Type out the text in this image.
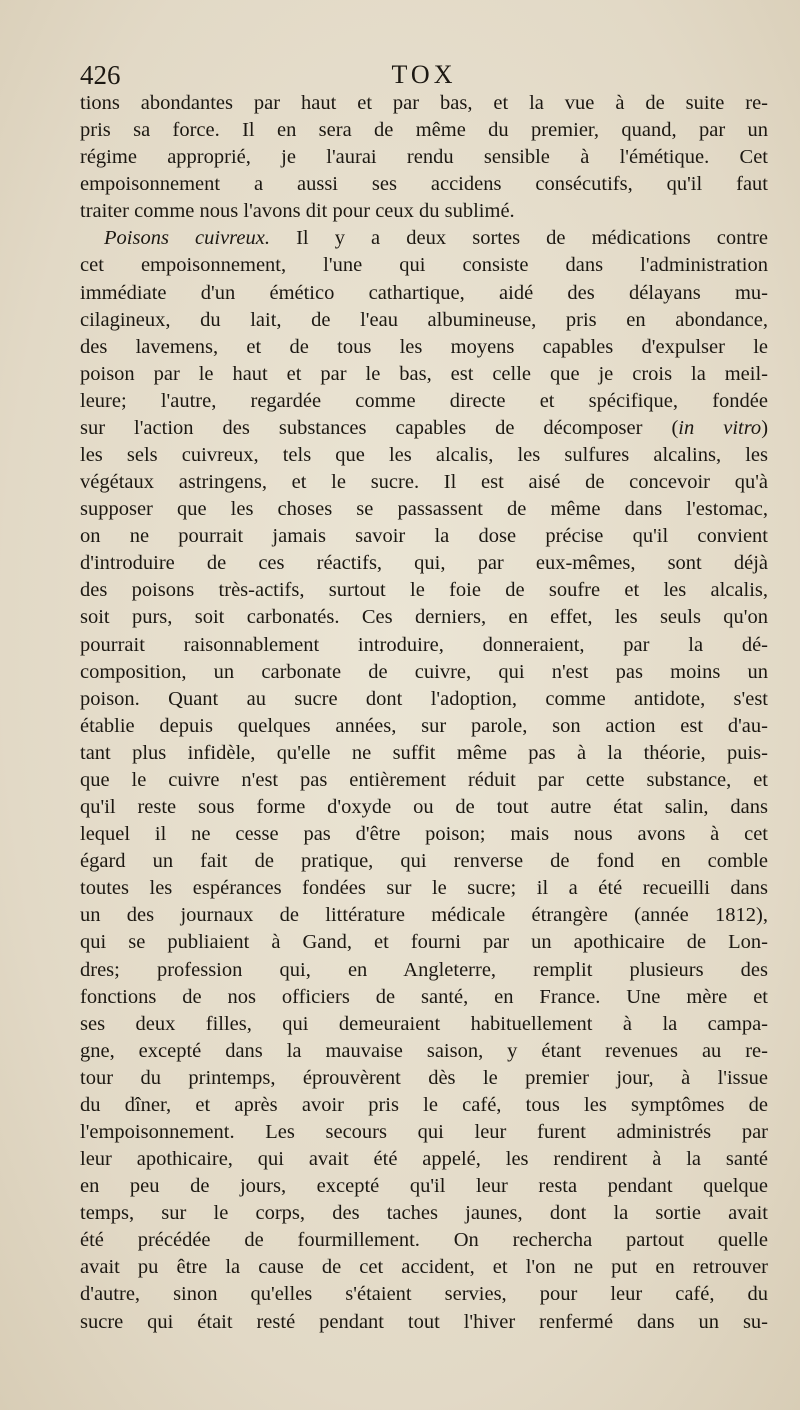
426	TOX
tions abondantes par haut et par bas, et la vue à de suite re-
pris sa force. Il en sera de même du premier, quand, par un
régime approprié, je l'aurai rendu sensible à l'émétique. Cet
empoisonnement a aussi ses accidens consécutifs, qu'il faut
traiter comme nous l'avons dit pour ceux du sublimé.
Poisons cuivreux. Il y a deux sortes de médications contre
cet empoisonnement, l'une qui consiste dans l'administration
immédiate d'un émético cathartique, aidé des délayans mu-
cilagineux, du lait, de l'eau albumineuse, pris en abondance,
des lavemens, et de tous les moyens capables d'expulser le
poison par le haut et par le bas, est celle que je crois la meil-
leure; l'autre, regardée comme directe et spécifique, fondée
sur l'action des substances capables de décomposer (in vitro)
les sels cuivreux, tels que les alcalis, les sulfures alcalins, les
végétaux astringens, et le sucre. Il est aisé de concevoir qu'à
supposer que les choses se passassent de même dans l'estomac,
on ne pourrait jamais savoir la dose précise qu'il convient
d'introduire de ces réactifs, qui, par eux-mêmes, sont déjà
des poisons très-actifs, surtout le foie de soufre et les alcalis,
soit purs, soit carbonatés. Ces derniers, en effet, les seuls qu'on
pourrait raisonnablement introduire, donneraient, par la dé-
composition, un carbonate de cuivre, qui n'est pas moins un
poison. Quant au sucre dont l'adoption, comme antidote, s'est
établie depuis quelques années, sur parole, son action est d'au-
tant plus infidèle, qu'elle ne suffit même pas à la théorie, puis-
que le cuivre n'est pas entièrement réduit par cette substance, et
qu'il reste sous forme d'oxyde ou de tout autre état salin, dans
lequel il ne cesse pas d'être poison; mais nous avons à cet
égard un fait de pratique, qui renverse de fond en comble
toutes les espérances fondées sur le sucre; il a été recueilli dans
un des journaux de littérature médicale étrangère (année 1812),
qui se publiaient à Gand, et fourni par un apothicaire de Lon-
dres; profession qui, en Angleterre, remplit plusieurs des
fonctions de nos officiers de santé, en France. Une mère et
ses deux filles, qui demeuraient habituellement à la campa-
gne, excepté dans la mauvaise saison, y étant revenues au re-
tour du printemps, éprouvèrent dès le premier jour, à l'issue
du dîner, et après avoir pris le café, tous les symptômes de
l'empoisonnement. Les secours qui leur furent administrés par
leur apothicaire, qui avait été appelé, les rendirent à la santé
en peu de jours, excepté qu'il leur resta pendant quelque
temps, sur le corps, des taches jaunes, dont la sortie avait
été précédée de fourmillement. On rechercha partout quelle
avait pu être la cause de cet accident, et l'on ne put en retrouver
d'autre, sinon qu'elles s'étaient servies, pour leur café, du
sucre qui était resté pendant tout l'hiver renfermé dans un su-
